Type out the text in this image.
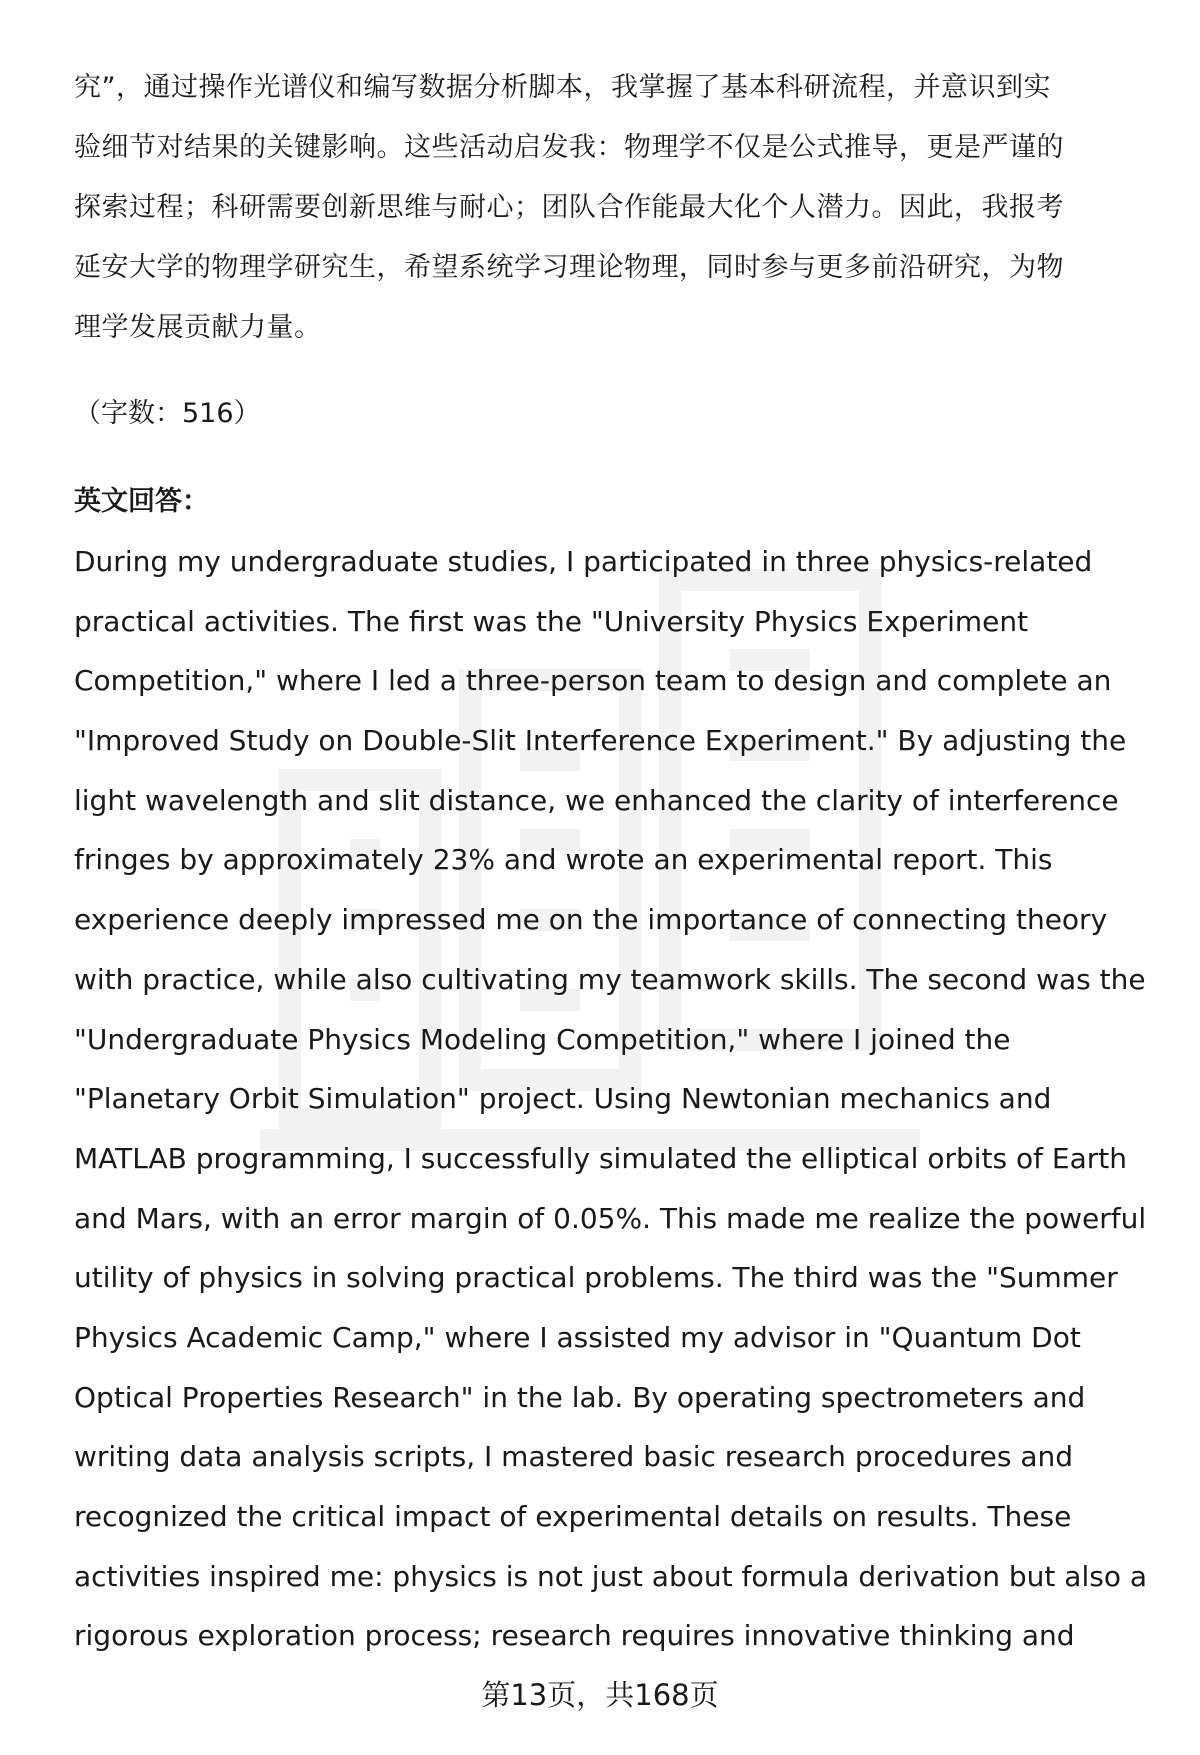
究”，通过操作光谱仪和编写数据分析脚本，我掌握了基本科研流程，并意识到实
验细节对结果的关键影响。这些活动启发我：物理学不仅是公式推导，更是严谨的
探索过程；科研需要创新思维与耐心；团队合作能最大化个人潜力。因此，我报考
延安大学的物理学研究生，希望系统学习理论物理，同时参与更多前沿研究，为物
理学发展贡献力量。
（字数：516）
英文回答：
During my undergraduate studies, I participated in three physics-related
practical activities. The first was the "University Physics Experiment
Competition," where I led a three-person team to design and complete an
"Improved Study on Double-Slit Interference Experiment." By adjusting the
light wavelength and slit distance, we enhanced the clarity of interference
fringes by approximately 23% and wrote an experimental report. This
experience deeply impressed me on the importance of connecting theory
with practice, while also cultivating my teamwork skills. The second was the
"Undergraduate Physics Modeling Competition," where I joined the
"Planetary Orbit Simulation" project. Using Newtonian mechanics and
MATLAB programming, I successfully simulated the elliptical orbits of Earth
and Mars, with an error margin of 0.05%. This made me realize the powerful
utility of physics in solving practical problems. The third was the "Summer
Physics Academic Camp," where I assisted my advisor in "Quantum Dot
Optical Properties Research" in the lab. By operating spectrometers and
writing data analysis scripts, I mastered basic research procedures and
recognized the critical impact of experimental details on results. These
activities inspired me: physics is not just about formula derivation but also a
rigorous exploration process; research requires innovative thinking and
第13页，共168页
